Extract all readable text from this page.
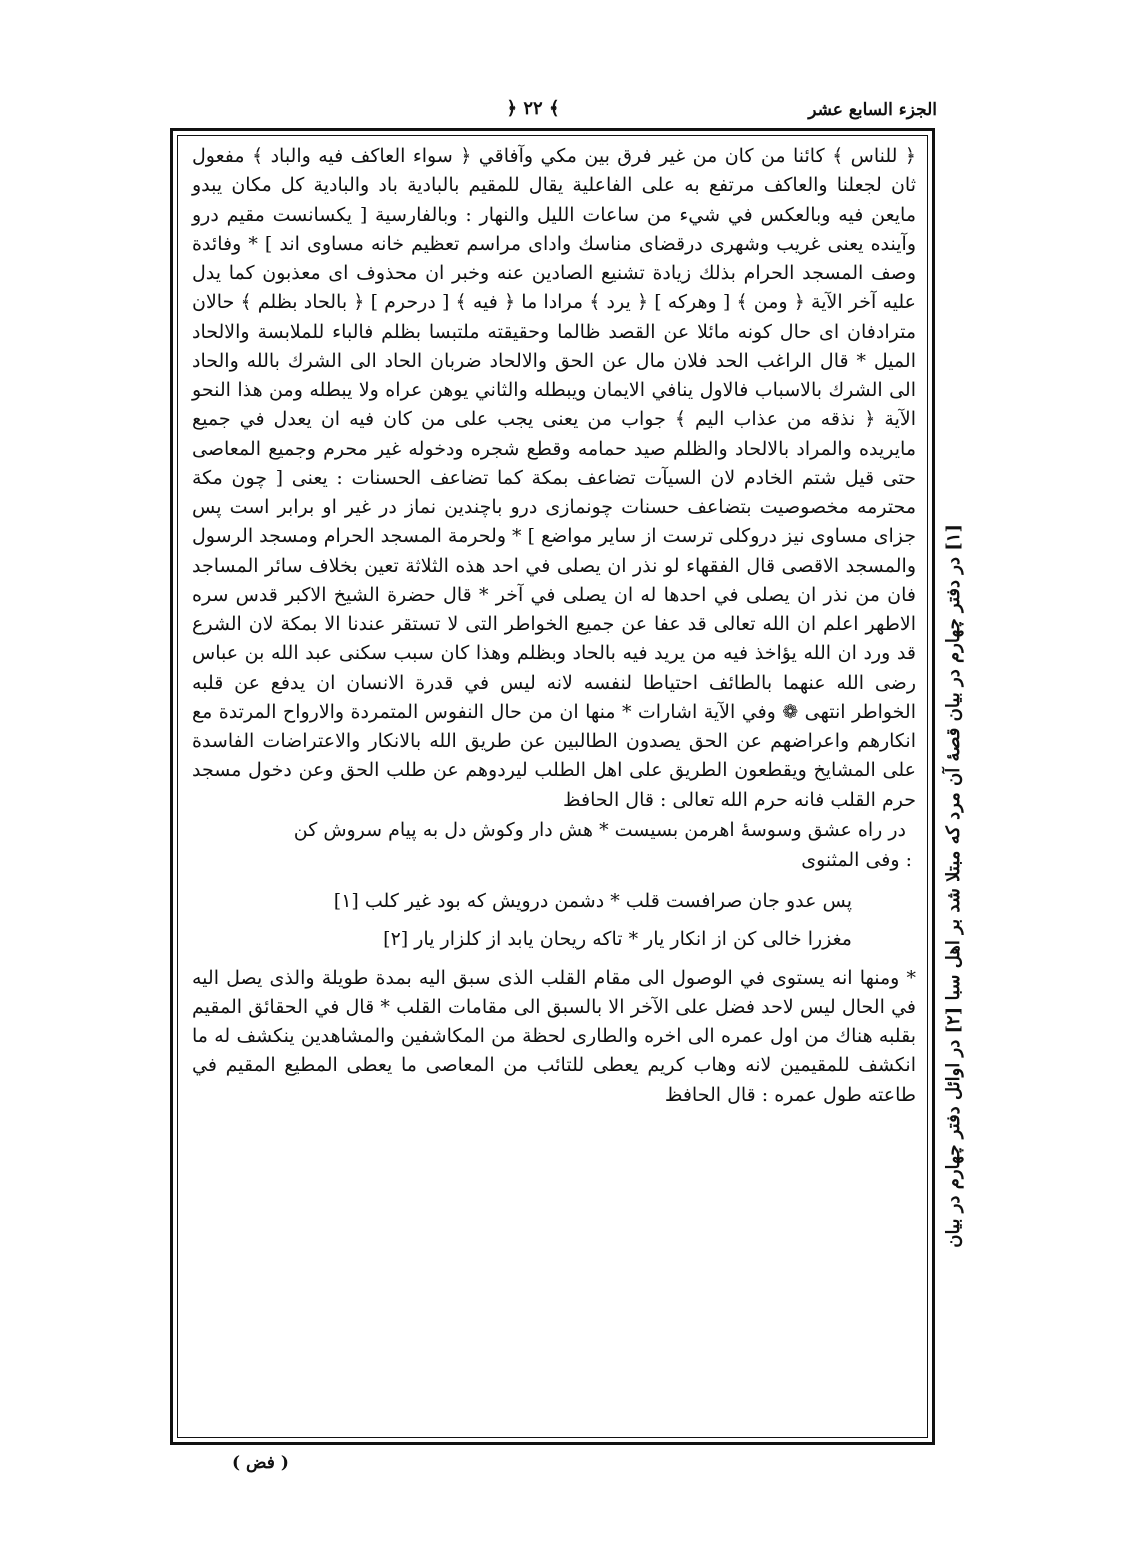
الجزء السابع عشر
﴿ ٢٢ ﴾

﴿ للناس ﴾ كائنا من كان من غير فرق بين مكي وآفاقي ﴿ سواء العاكف فيه والباد ﴾ مفعول ثان لجعلنا والعاكف مرتفع به على الفاعلية يقال للمقيم بالبادية باد والبادية كل مكان يبدو مايعن فيه وبالعكس في شيء من ساعات الليل والنهار : وبالفارسية [ يكسانست مقيم درو وآينده يعنى غريب وشهرى درقضاى مناسك واداى مراسم تعظيم خانه مساوى اند ] * وفائدة وصف المسجد الحرام بذلك زيادة تشنيع الصادين عنه وخبر ان محذوف اى معذبون كما يدل عليه آخر الآية ﴿ ومن ﴾ [ وهركه ] ﴿ يرد ﴾ مرادا ما ﴿ فيه ﴾ [ درحرم ] ﴿ بالحاد بظلم ﴾ حالان مترادفان اى حال كونه مائلا عن القصد ظالما وحقيقته ملتبسا بظلم فالباء للملابسة والالحاد الميل * قال الراغب الحد فلان مال عن الحق والالحاد ضربان الحاد الى الشرك بالله والحاد الى الشرك بالاسباب فالاول ينافي الايمان ويبطله والثاني يوهن عراه ولا يبطله ومن هذا النحو الآية ﴿ نذقه من عذاب اليم ﴾ جواب من يعنى يجب على من كان فيه ان يعدل في جميع مايريده والمراد بالالحاد والظلم صيد حمامه وقطع شجره ودخوله غير محرم وجميع المعاصى حتى قيل شتم الخادم لان السيآت تضاعف بمكة كما تضاعف الحسنات : يعنى [ چون مكة محترمه مخصوصيت بتضاعف حسنات چونمازى درو باچندين نماز در غير او برابر است پس جزاى مساوى نيز دروكلى ترست از ساير مواضع ] * ولحرمة المسجد الحرام ومسجد الرسول والمسجد الاقصى قال الفقهاء لو نذر ان يصلى في احد هذه الثلاثة تعين بخلاف سائر المساجد فان من نذر ان يصلى في احدها له ان يصلى في آخر * قال حضرة الشيخ الاكبر قدس سره الاطهر اعلم ان الله تعالى قد عفا عن جميع الخواطر التى لا تستقر عندنا الا بمكة لان الشرع قد ورد ان الله يؤاخذ فيه من يريد فيه بالحاد وبظلم وهذا كان سبب سكنى عبد الله بن عباس رضى الله عنهما بالطائف احتياطا لنفسه لانه ليس في قدرة الانسان ان يدفع عن قلبه الخواطر انتهى ❁ وفي الآية اشارات * منها ان من حال النفوس المتمردة والارواح المرتدة مع انكارهم واعراضهم عن الحق يصدون الطالبين عن طريق الله بالانكار والاعتراضات الفاسدة على المشايخ ويقطعون الطريق على اهل الطلب ليردوهم عن طلب الحق وعن دخول مسجد حرم القلب فانه حرم الله تعالى : قال الحافظ

در راه عشق وسوسهٔ اهرمن بسيست * هش دار وكوش دل به پيام سروش كن
: وفى المثنوى
پس عدو جان صرافست قلب * دشمن درويش كه بود غير كلب [١]
مغزرا خالى كن از انكار يار * تاكه ريحان يابد از كلزار يار [٢]

* ومنها انه يستوى في الوصول الى مقام القلب الذى سبق اليه بمدة طويلة والذى يصل اليه في الحال ليس لاحد فضل على الآخر الا بالسبق الى مقامات القلب * قال في الحقائق المقيم بقلبه هناك من اول عمره الى اخره والطارى لحظة من المكاشفين والمشاهدين ينكشف له ما انكشف للمقيمين لانه وهاب كريم يعطى للتائب من المعاصى ما يعطى المطيع المقيم في طاعته طول عمره : قال الحافظ [١] در دفتر چهارم در بيان قصهٔ آن مرد که مبتلا شد بر اهل سبا [٢] در اوائل دفتر چهارم در بيان
( فض )
